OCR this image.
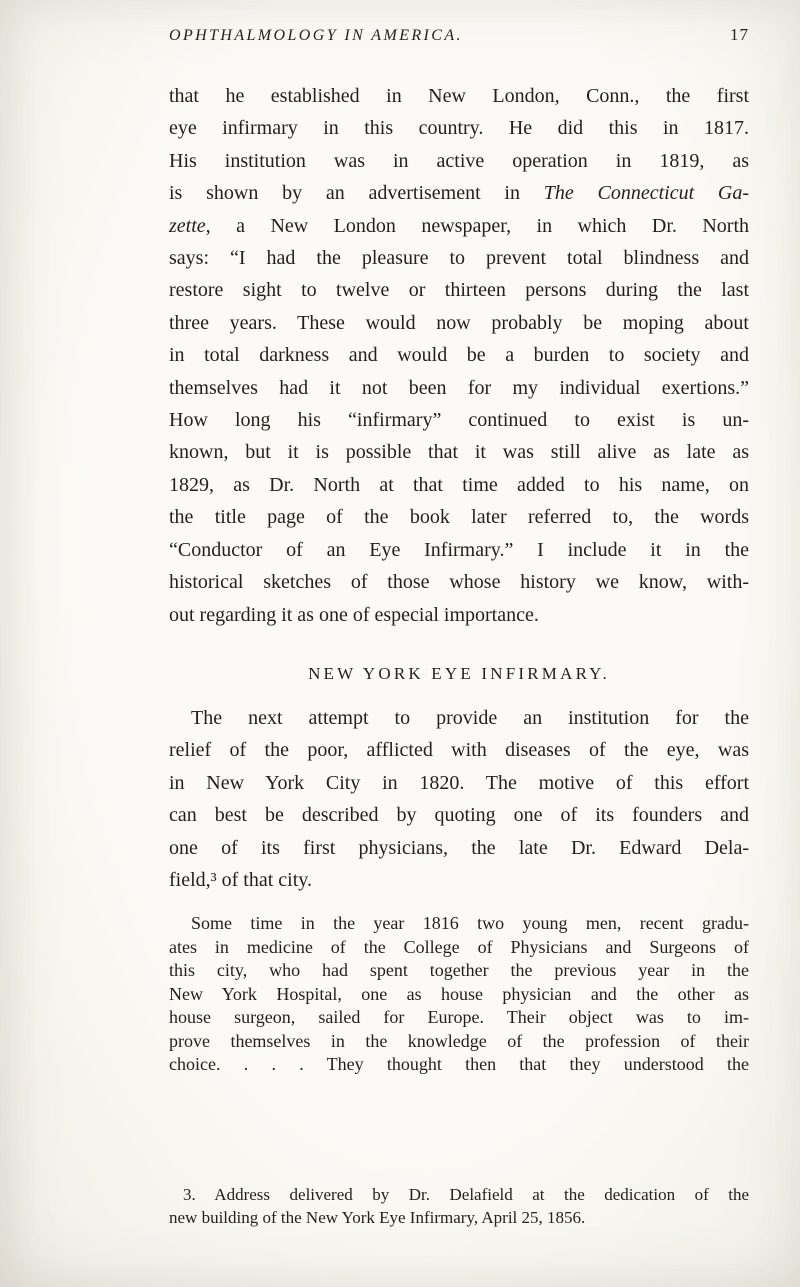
OPHTHALMOLOGY IN AMERICA.	17
that he established in New London, Conn., the first
eye infirmary in this country. He did this in 1817.
His institution was in active operation in 1819, as
is shown by an advertisement in The Connecticut Ga-
zette, a New London newspaper, in which Dr. North
says: “I had the pleasure to prevent total blindness and
restore sight to twelve or thirteen persons during the last
three years. These would now probably be moping about
in total darkness and would be a burden to society and
themselves had it not been for my individual exertions.”
How long his “infirmary” continued to exist is un-
known, but it is possible that it was still alive as late as
1829, as Dr. North at that time added to his name, on
the title page of the book later referred to, the words
“Conductor of an Eye Infirmary.” I include it in the
historical sketches of those whose history we know, with-
out regarding it as one of especial importance.
NEW YORK EYE INFIRMARY.
The next attempt to provide an institution for the
relief of the poor, afflicted with diseases of the eye, was
in New York City in 1820. The motive of this effort
can best be described by quoting one of its founders and
one of its first physicians, the late Dr. Edward Dela-
field,³ of that city.
Some time in the year 1816 two young men, recent gradu-
ates in medicine of the College of Physicians and Surgeons of
this city, who had spent together the previous year in the
New York Hospital, one as house physician and the other as
house surgeon, sailed for Europe. Their object was to im-
prove themselves in the knowledge of the profession of their
choice. . . . They thought then that they understood the
3. Address delivered by Dr. Delafield at the dedication of the
new building of the New York Eye Infirmary, April 25, 1856.
